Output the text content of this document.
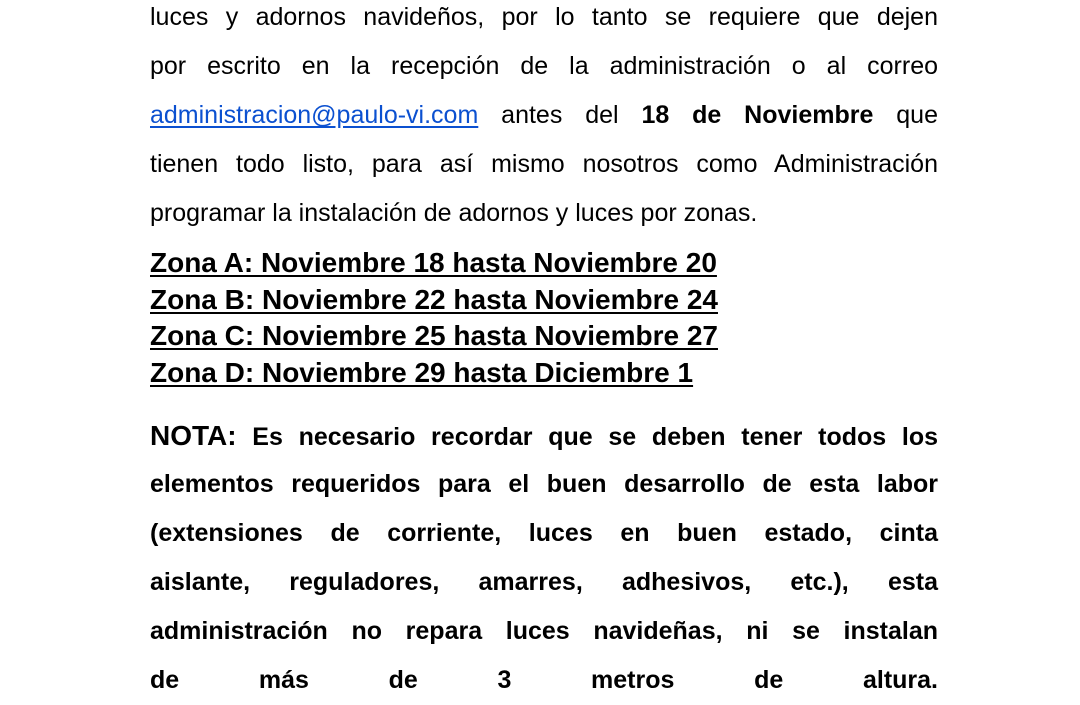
luces y adornos navideños, por lo tanto se requiere que dejen
por escrito en la recepción de la administración o al correo
administracion@paulo-vi.com antes del 18 de Noviembre que
tienen todo listo, para así mismo nosotros como Administración
programar la instalación de adornos y luces por zonas.
Zona A: Noviembre 18 hasta Noviembre 20
Zona B: Noviembre 22 hasta Noviembre 24
Zona C: Noviembre 25 hasta Noviembre 27
Zona D: Noviembre 29 hasta Diciembre 1
NOTA: Es necesario recordar que se deben tener todos los
elementos requeridos para el buen desarrollo de esta labor
(extensiones de corriente, luces en buen estado, cinta
aislante, reguladores, amarres, adhesivos, etc.), esta
administración no repara luces navideñas, ni se instalan
de más de 3 metros de altura.
